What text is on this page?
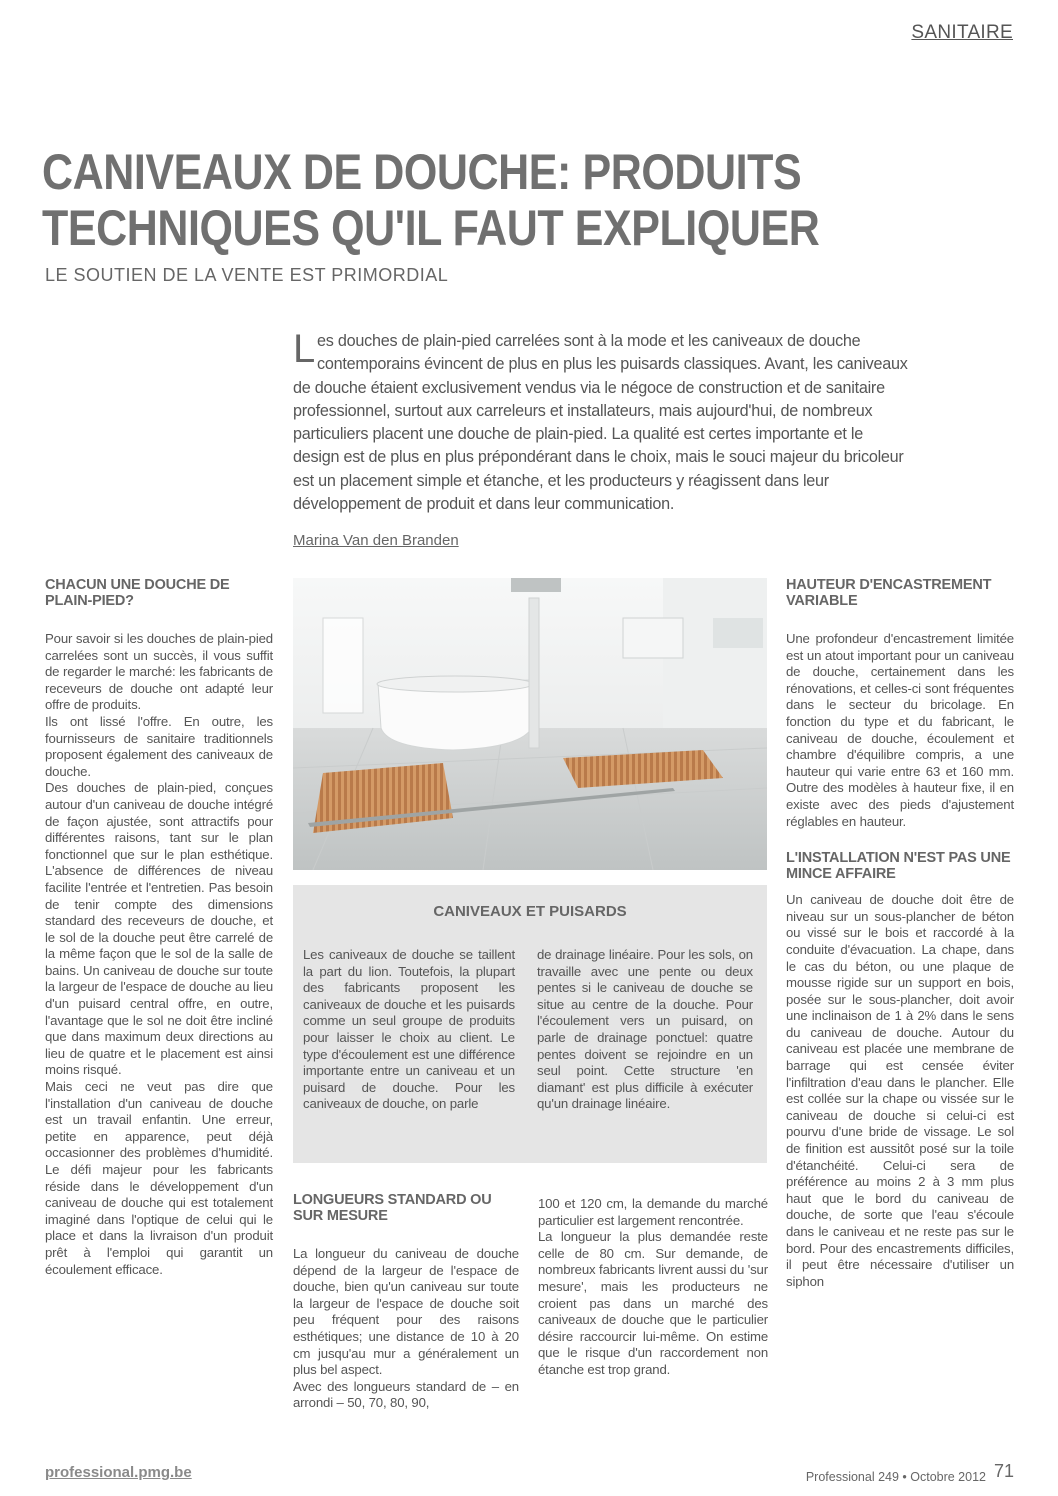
SANITAIRE
CANIVEAUX DE DOUCHE: PRODUITS
TECHNIQUES QU'IL FAUT EXPLIQUER
LE SOUTIEN DE LA VENTE EST PRIMORDIAL
Les douches de plain-pied carrelées sont à la mode et les caniveaux de douche contemporains évincent de plus en plus les puisards classiques. Avant, les caniveaux de douche étaient exclusivement vendus via le négoce de construction et de sanitaire professionnel, surtout aux carreleurs et installateurs, mais aujourd'hui, de nombreux particuliers placent une douche de plain-pied. La qualité est certes importante et le design est de plus en plus prépondérant dans le choix, mais le souci majeur du bricoleur est un placement simple et étanche, et les producteurs y réagissent dans leur développement de produit et dans leur communication.
Marina Van den Branden
CHACUN UNE DOUCHE DE PLAIN-PIED?

Pour savoir si les douches de plain-pied carrelées sont un succès, il vous suffit de regarder le marché: les fabricants de receveurs de douche ont adapté leur offre de produits.

Ils ont lissé l'offre. En outre, les fournisseurs de sanitaire traditionnels proposent également des caniveaux de douche.

Des douches de plain-pied, conçues autour d'un caniveau de douche intégré de façon ajustée, sont attractifs pour différentes raisons, tant sur le plan fonctionnel que sur le plan esthétique. L'absence de différences de niveau facilite l'entrée et l'entretien. Pas besoin de tenir compte des dimensions standard des receveurs de douche, et le sol de la douche peut être carrelé de la même façon que le sol de la salle de bains. Un caniveau de douche sur toute la largeur de l'espace de douche au lieu d'un puisard central offre, en outre, l'avantage que le sol ne doit être incliné que dans maximum deux directions au lieu de quatre et le placement est ainsi moins risqué.

Mais ceci ne veut pas dire que l'installation d'un caniveau de douche est un travail enfantin. Une erreur, petite en apparence, peut déjà occasionner des problèmes d'humidité. Le défi majeur pour les fabricants réside dans le développement d'un caniveau de douche qui est totalement imaginé dans l'optique de celui qui le place et dans la livraison d'un produit prêt à l'emploi qui garantit un écoulement efficace.

CANIVEAUX ET PUISARDS

Les caniveaux de douche se taillent la part du lion. Toutefois, la plupart des fabricants proposent les caniveaux de douche et les puisards comme un seul groupe de produits pour laisser le choix au client. Le type d'écoulement est une différence importante entre un caniveau et un puisard de douche. Pour les caniveaux de douche, on parle

de drainage linéaire. Pour les sols, on travaille avec une pente ou deux pentes si le caniveau de douche se situe au centre de la douche. Pour l'écoulement vers un puisard, on parle de drainage ponctuel: quatre pentes doivent se rejoindre en un seul point. Cette structure 'en diamant' est plus difficile à exécuter qu'un drainage linéaire.

LONGUEURS STANDARD OU SUR MESURE

La longueur du caniveau de douche dépend de la largeur de l'espace de douche, bien qu'un caniveau sur toute la largeur de l'espace de douche soit peu fréquent pour des raisons esthétiques; une distance de 10 à 20 cm jusqu'au mur a généralement un plus bel aspect.

Avec des longueurs standard de – en arrondi – 50, 70, 80, 90,

100 et 120 cm, la demande du marché particulier est largement rencontrée.

La longueur la plus demandée reste celle de 80 cm. Sur demande, de nombreux fabricants livrent aussi du 'sur mesure', mais les producteurs ne croient pas dans un marché des caniveaux de douche que le particulier désire raccourcir lui-même. On estime que le risque d'un raccordement non étanche est trop grand.

HAUTEUR D'ENCASTREMENT VARIABLE

Une profondeur d'encastrement limitée est un atout important pour un caniveau de douche, certainement dans les rénovations, et celles-ci sont fréquentes dans le secteur du bricolage. En fonction du type et du fabricant, le caniveau de douche, écoulement et chambre d'équilibre compris, a une hauteur qui varie entre 63 et 160 mm. Outre des modèles à hauteur fixe, il en existe avec des pieds d'ajustement réglables en hauteur.

L'INSTALLATION N'EST PAS UNE MINCE AFFAIRE

Un caniveau de douche doit être de niveau sur un sous-plancher de béton ou vissé sur le bois et raccordé à la conduite d'évacuation. La chape, dans le cas du béton, ou une plaque de mousse rigide sur un support en bois, posée sur le sous-plancher, doit avoir une inclinaison de 1 à 2% dans le sens du caniveau de douche. Autour du caniveau est placée une membrane de barrage qui est censée éviter l'infiltration d'eau dans le plancher. Elle est collée sur la chape ou vissée sur le caniveau de douche si celui-ci est pourvu d'une bride de vissage. Le sol de finition est aussitôt posé sur la toile d'étanchéité. Celui-ci sera de préférence au moins 2 à 3 mm plus haut que le bord du caniveau de douche, de sorte que l'eau s'écoule dans le caniveau et ne reste pas sur le bord. Pour des encastrements difficiles, il peut être nécessaire d'utiliser un siphon

professional.pmg.be	Professional 249 • Octobre 2012 71
